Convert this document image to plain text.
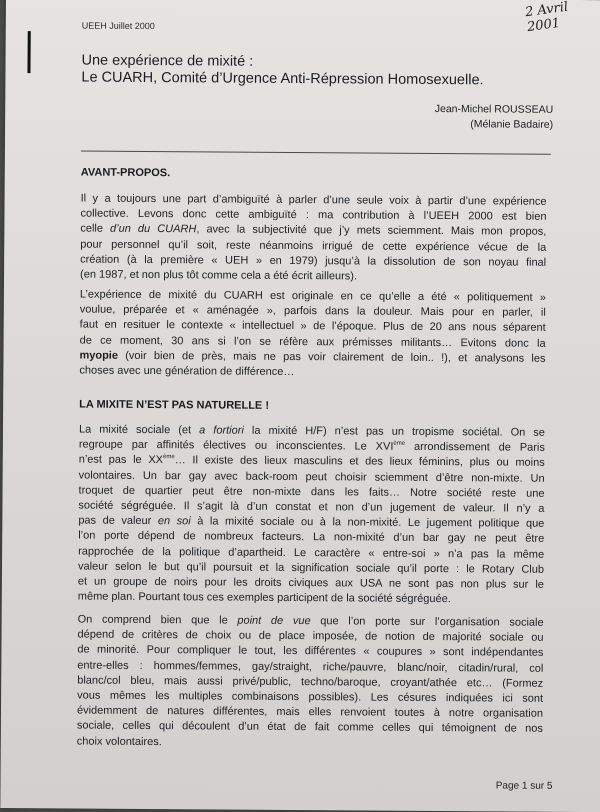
2 Avril 2001
UEEH Juillet 2000
Une expérience de mixité :
Le CUARH, Comité d’Urgence Anti-Répression Homosexuelle.
Jean-Michel ROUSSEAU
(Mélanie Badaire)
AVANT-PROPOS.
Il y a toujours une part d’ambiguïté à parler d’une seule voix à partir d’une expérience
collective. Levons donc cette ambiguïté : ma contribution à l’UEEH 2000 est bien
celle d’un du CUARH, avec la subjectivité que j’y mets sciemment. Mais mon propos,
pour personnel qu’il soit, reste néanmoins irrigué de cette expérience vécue de la
création (à la première « UEH » en 1979) jusqu’à la dissolution de son noyau final
(en 1987, et non plus tôt comme cela a été écrit ailleurs).
L’expérience de mixité du CUARH est originale en ce qu’elle a été « politiquement »
voulue, préparée et « aménagée », parfois dans la douleur. Mais pour en parler, il
faut en resituer le contexte « intellectuel » de l’époque. Plus de 20 ans nous séparent
de ce moment, 30 ans si l’on se réfère aux prémisses militants… Evitons donc la
myopie (voir bien de près, mais ne pas voir clairement de loin.. !), et analysons les
choses avec une génération de différence…
LA MIXITE N’EST PAS NATURELLE !
La mixité sociale (et a fortiori la mixité H/F) n’est pas un tropisme sociétal. On se
regroupe par affinités électives ou inconscientes. Le XVIème arrondissement de Paris
n’est pas le XXème… Il existe des lieux masculins et des lieux féminins, plus ou moins
volontaires. Un bar gay avec back-room peut choisir sciemment d’être non-mixte. Un
troquet de quartier peut être non-mixte dans les faits… Notre société reste une
société ségréguée. Il s’agit là d’un constat et non d’un jugement de valeur. Il n’y a
pas de valeur en soi à la mixité sociale ou à la non-mixité. Le jugement politique que
l’on porte dépend de nombreux facteurs. La non-mixité d’un bar gay ne peut être
rapprochée de la politique d’apartheid. Le caractère « entre-soi » n’a pas la même
valeur selon le but qu’il poursuit et la signification sociale qu’il porte : le Rotary Club
et un groupe de noirs pour les droits civiques aux USA ne sont pas non plus sur le
même plan. Pourtant tous ces exemples participent de la société ségréguée.
On comprend bien que le point de vue que l’on porte sur l’organisation sociale
dépend de critères de choix ou de place imposée, de notion de majorité sociale ou
de minorité. Pour compliquer le tout, les différentes « coupures » sont indépendantes
entre-elles : hommes/femmes, gay/straight, riche/pauvre, blanc/noir, citadin/rural, col
blanc/col bleu, mais aussi privé/public, techno/baroque, croyant/athée etc… (Formez
vous mêmes les multiples combinaisons possibles). Les césures indiquées ici sont
évidemment de natures différentes, mais elles renvoient toutes à notre organisation
sociale, celles qui découlent d’un état de fait comme celles qui témoignent de nos
choix volontaires.
Page 1 sur 5
